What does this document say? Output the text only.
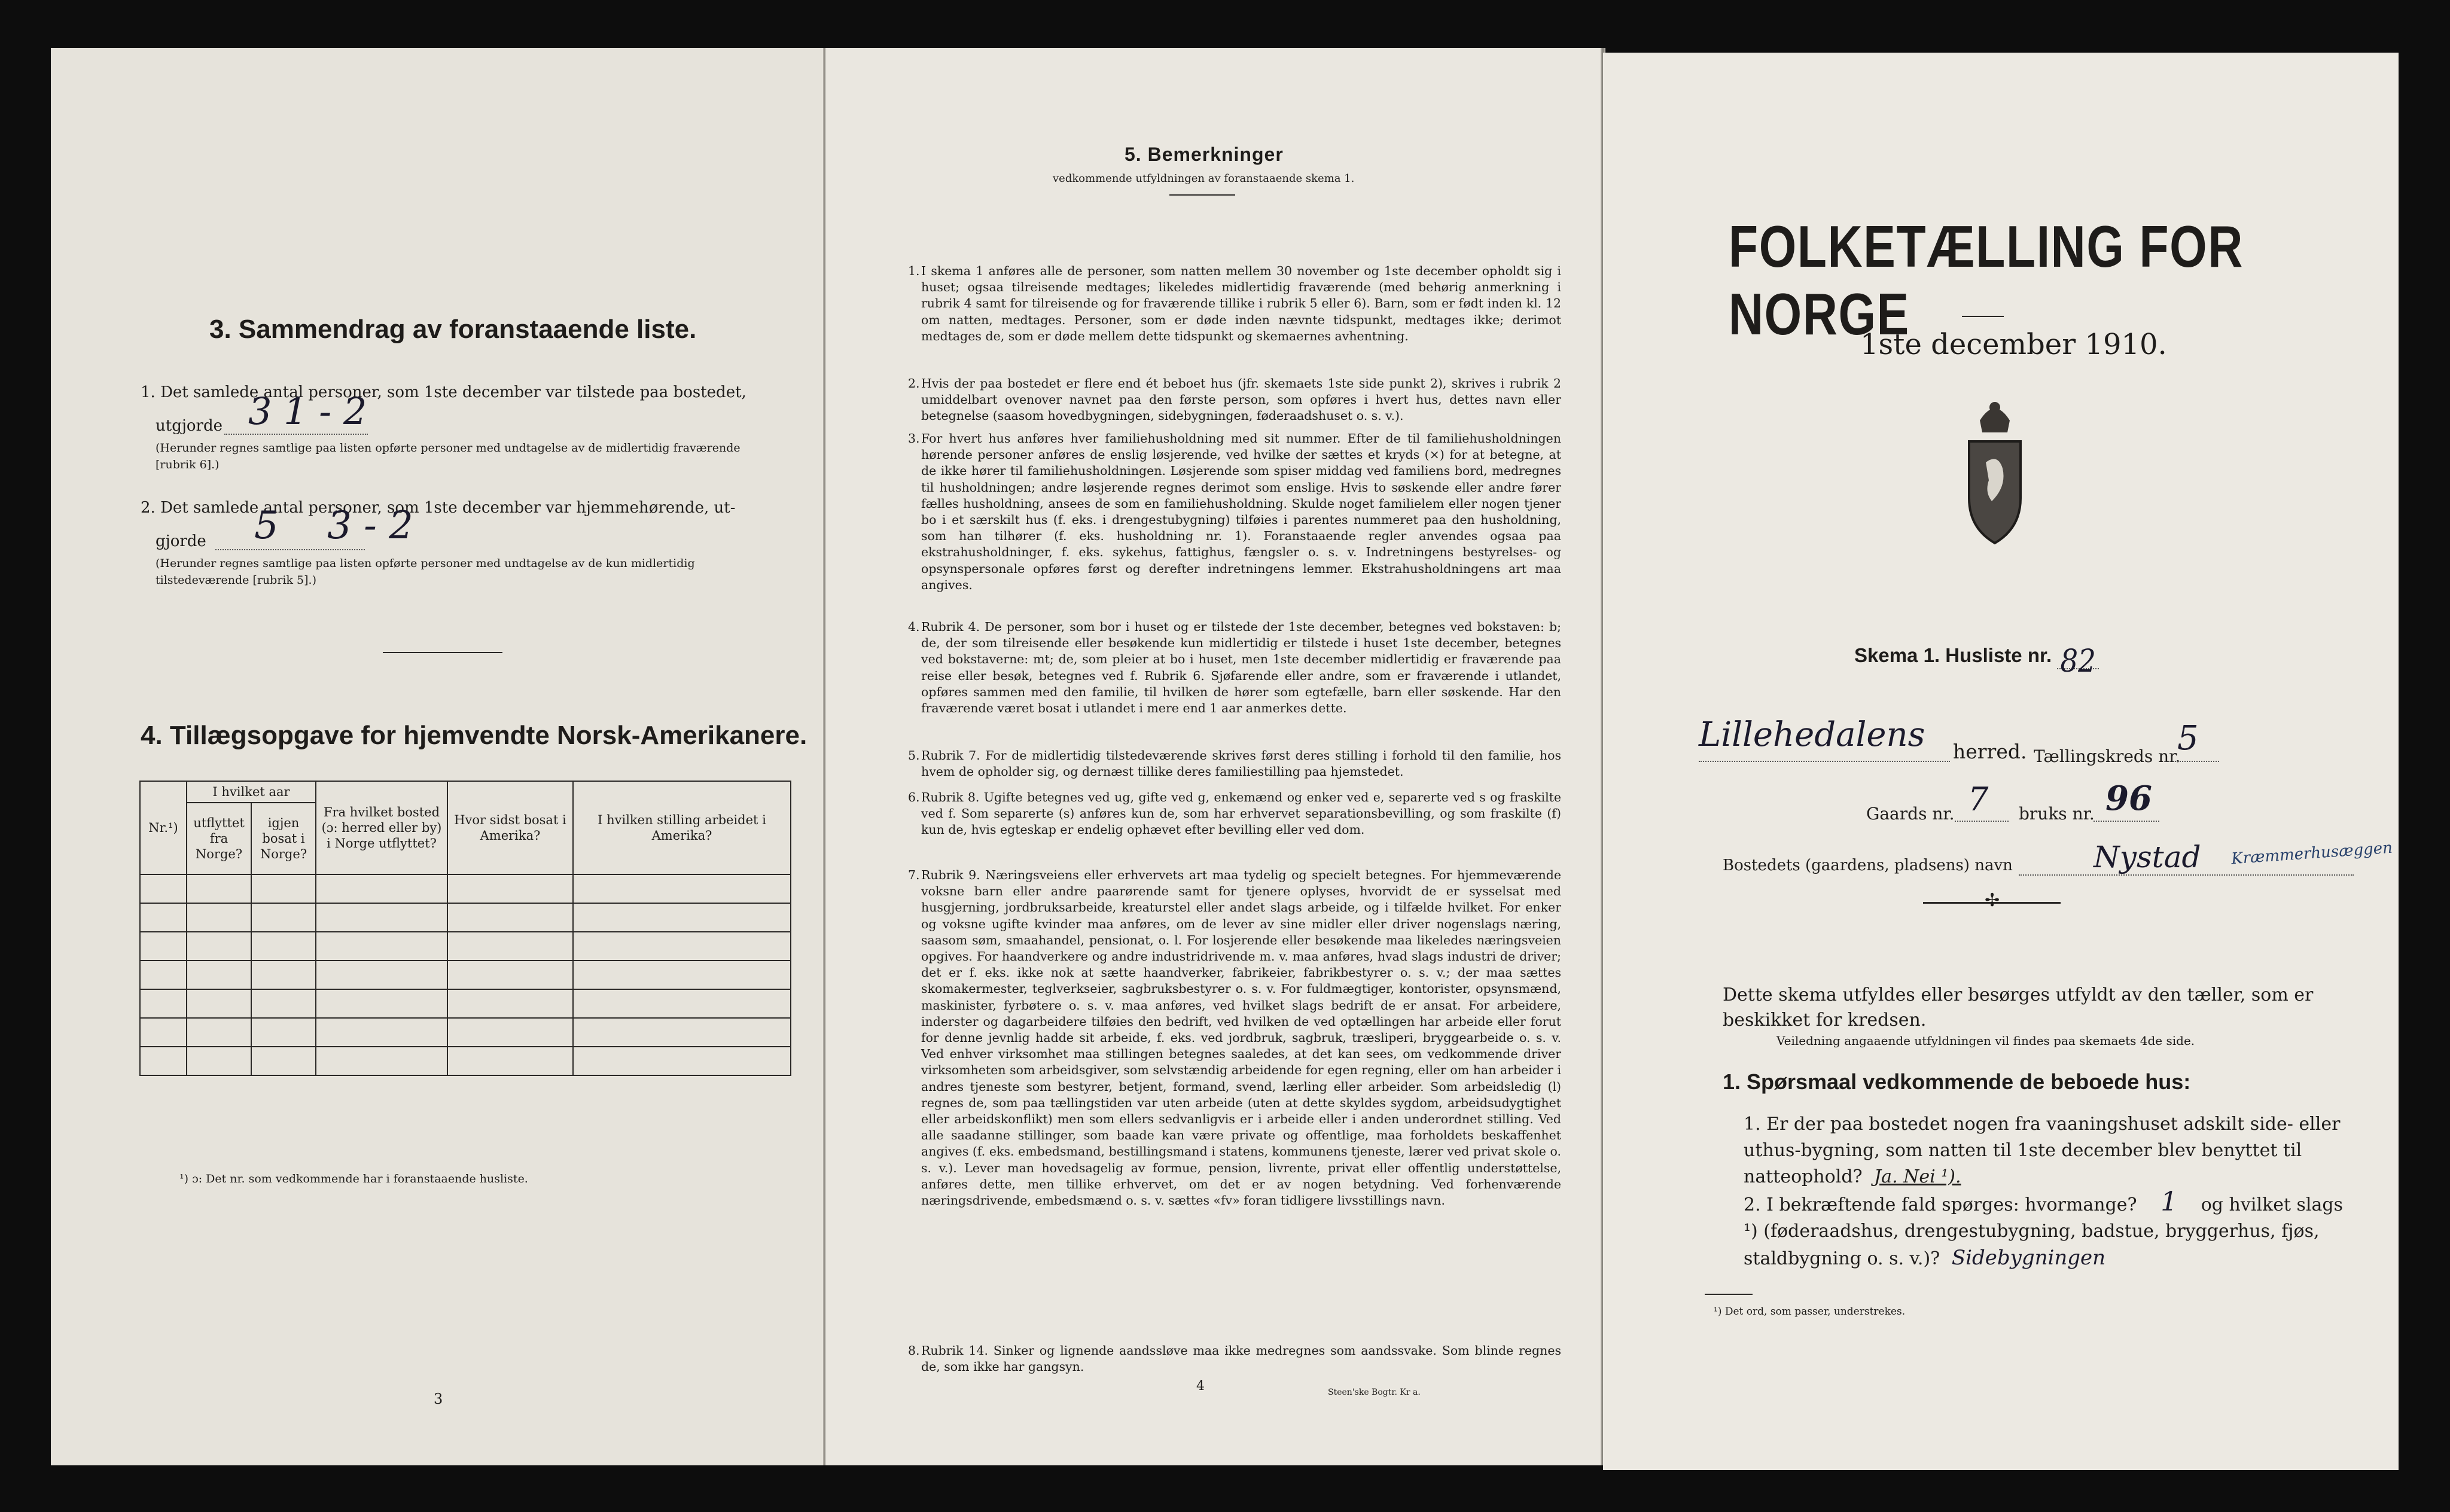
3. Sammendrag av foranstaaende liste.
1. Det samlede antal personer, som 1ste december var tilstede paa bostedet,
utgjorde 3 1 - 2
(Herunder regnes samtlige paa listen opførte personer med undtagelse av de midlertidig fraværende [rubrik 6].)
2. Det samlede antal personer, som 1ste december var hjemmehørende, ut-
gjorde 5    3 - 2
(Herunder regnes samtlige paa listen opførte personer med undtagelse av de kun midlertidig tilstedeværende [rubrik 5].)
4. Tillægsopgave for hjemvendte Norsk-Amerikanere.
Nr.¹)	I hvilket aar		Fra hvilket bosted (ɔ: herred eller by) i Norge utflyttet?	Hvor sidst bosat i Amerika?	I hvilken stilling arbeidet i Amerika?
	utflyttet fra Norge?	igjen bosat i Norge?			

¹) ɔ: Det nr. som vedkommende har i foranstaaende husliste.
3
5. Bemerkninger
vedkommende utfyldningen av foranstaaende skema 1.
1. I skema 1 anføres alle de personer, som natten mellem 30 november og 1ste december opholdt sig i huset; ogsaa tilreisende medtages; likeledes midlertidig fraværende (med behørig anmerkning i rubrik 4 samt for tilreisende og for fraværende tillike i rubrik 5 eller 6). Barn, som er født inden kl. 12 om natten, medtages. Personer, som er døde inden nævnte tidspunkt, medtages ikke; derimot medtages de, som er døde mellem dette tidspunkt og skemaernes avhentning.
2. Hvis der paa bostedet er flere end ét beboet hus (jfr. skemaets 1ste side punkt 2), skrives i rubrik 2 umiddelbart ovenover navnet paa den første person, som opføres i hvert hus, dettes navn eller betegnelse (saasom hovedbygningen, sidebygningen, føderaadshuset o. s. v.).
3. For hvert hus anføres hver familiehusholdning med sit nummer. Efter de til familiehusholdningen hørende personer anføres de enslig løsjerende, ved hvilke der sættes et kryds (×) for at betegne, at de ikke hører til familiehusholdningen. Løsjerende som spiser middag ved familiens bord, medregnes til husholdningen; andre løsjerende regnes derimot som enslige. Hvis to søskende eller andre fører fælles husholdning, ansees de som en familiehusholdning. Skulde noget familielem eller nogen tjener bo i et særskilt hus (f. eks. i drengestubygning) tilføies i parentes nummeret paa den husholdning, som han tilhører (f. eks. husholdning nr. 1). Foranstaaende regler anvendes ogsaa paa ekstrahusholdninger, f. eks. sykehus, fattighus, fængsler o. s. v. Indretningens bestyrelses- og opsynspersonale opføres først og derefter indretningens lemmer. Ekstrahusholdningens art maa angives.
4. Rubrik 4. De personer, som bor i huset og er tilstede der 1ste december, betegnes ved bokstaven: b; de, der som tilreisende eller besøkende kun midlertidig er tilstede i huset 1ste december, betegnes ved bokstaverne: mt; de, som pleier at bo i huset, men 1ste december midlertidig er fraværende paa reise eller besøk, betegnes ved f. Rubrik 6. Sjøfarende eller andre, som er fraværende i utlandet, opføres sammen med den familie, til hvilken de hører som egtefælle, barn eller søskende. Har den fraværende været bosat i utlandet i mere end 1 aar anmerkes dette.
5. Rubrik 7. For de midlertidig tilstedeværende skrives først deres stilling i forhold til den familie, hos hvem de opholder sig, og dernæst tillike deres familiestilling paa hjemstedet.
6. Rubrik 8. Ugifte betegnes ved ug, gifte ved g, enkemænd og enker ved e, separerte ved s og fraskilte ved f. Som separerte (s) anføres kun de, som har erhvervet separationsbevilling, og som fraskilte (f) kun de, hvis egteskap er endelig ophævet efter bevilling eller ved dom.
7. Rubrik 9. Næringsveiens eller erhvervets art maa tydelig og specielt betegnes. For hjemmeværende voksne barn eller andre paarørende samt for tjenere oplyses, hvorvidt de er sysselsat med husgjerning, jordbruksarbeide, kreaturstel eller andet slags arbeide, og i tilfælde hvilket. For enker og voksne ugifte kvinder maa anføres, om de lever av sine midler eller driver nogenslags næring, saasom søm, smaahandel, pensionat, o. l. For losjerende eller besøkende maa likeledes næringsveien opgives. For haandverkere og andre industridrivende m. v. maa anføres, hvad slags industri de driver; det er f. eks. ikke nok at sætte haandverker, fabrikeier, fabrikbestyrer o. s. v.; der maa sættes skomakermester, teglverkseier, sagbruksbestyrer o. s. v. For fuldmægtiger, kontorister, opsynsmænd, maskinister, fyrbøtere o. s. v. maa anføres, ved hvilket slags bedrift de er ansat. For arbeidere, inderster og dagarbeidere tilføies den bedrift, ved hvilken de ved optællingen har arbeide eller forut for denne jevnlig hadde sit arbeide, f. eks. ved jordbruk, sagbruk, træsliperi, bryggearbeide o. s. v. Ved enhver virksomhet maa stillingen betegnes saaledes, at det kan sees, om vedkommende driver virksomheten som arbeidsgiver, som selvstændig arbeidende for egen regning, eller om han arbeider i andres tjeneste som bestyrer, betjent, formand, svend, lærling eller arbeider. Som arbeidsledig (l) regnes de, som paa tællingstiden var uten arbeide (uten at dette skyldes sygdom, arbeidsudygtighet eller arbeidskonflikt) men som ellers sedvanligvis er i arbeide eller i anden underordnet stilling. Ved alle saadanne stillinger, som baade kan være private og offentlige, maa forholdets beskaffenhet angives (f. eks. embedsmand, bestillingsmand i statens, kommunens tjeneste, lærer ved privat skole o. s. v.). Lever man hovedsagelig av formue, pension, livrente, privat eller offentlig understøttelse, anføres dette, men tillike erhvervet, om det er av nogen betydning. Ved forhenværende næringsdrivende, embedsmænd o. s. v. sættes «fv» foran tidligere livsstillings navn.
8. Rubrik 14. Sinker og lignende aandssløve maa ikke medregnes som aandssvake. Som blinde regnes de, som ikke har gangsyn.
4	Steen'ske Bogtr. Kr a.
FOLKETÆLLING FOR NORGE
1ste december 1910.
Skema 1. Husliste nr. 82
Lillehedalens herred. Tællingskreds nr.
5
Gaards nr. 7 bruks nr. 96
Bostedets (gaardens, pladsens) navn	Nystad Kræmmerhusæggen
✢
Dette skema utfyldes eller besørges utfyldt av den tæller, som er beskikket for kredsen.
Veiledning angaaende utfyldningen vil findes paa skemaets 4de side.
1. Spørsmaal vedkommende de beboede hus:
1. Er der paa bostedet nogen fra vaaningshuset adskilt side- eller uthus-bygning, som natten til 1ste december blev benyttet til natteophold? Ja. Nei ¹).
2. I bekræftende fald spørges: hvormange? 1 og hvilket slags ¹) (føderaadshus, drengestubygning, badstue, bryggerhus, fjøs, staldbygning o. s. v.)? Sidebygningen
¹) Det ord, som passer, understrekes.
